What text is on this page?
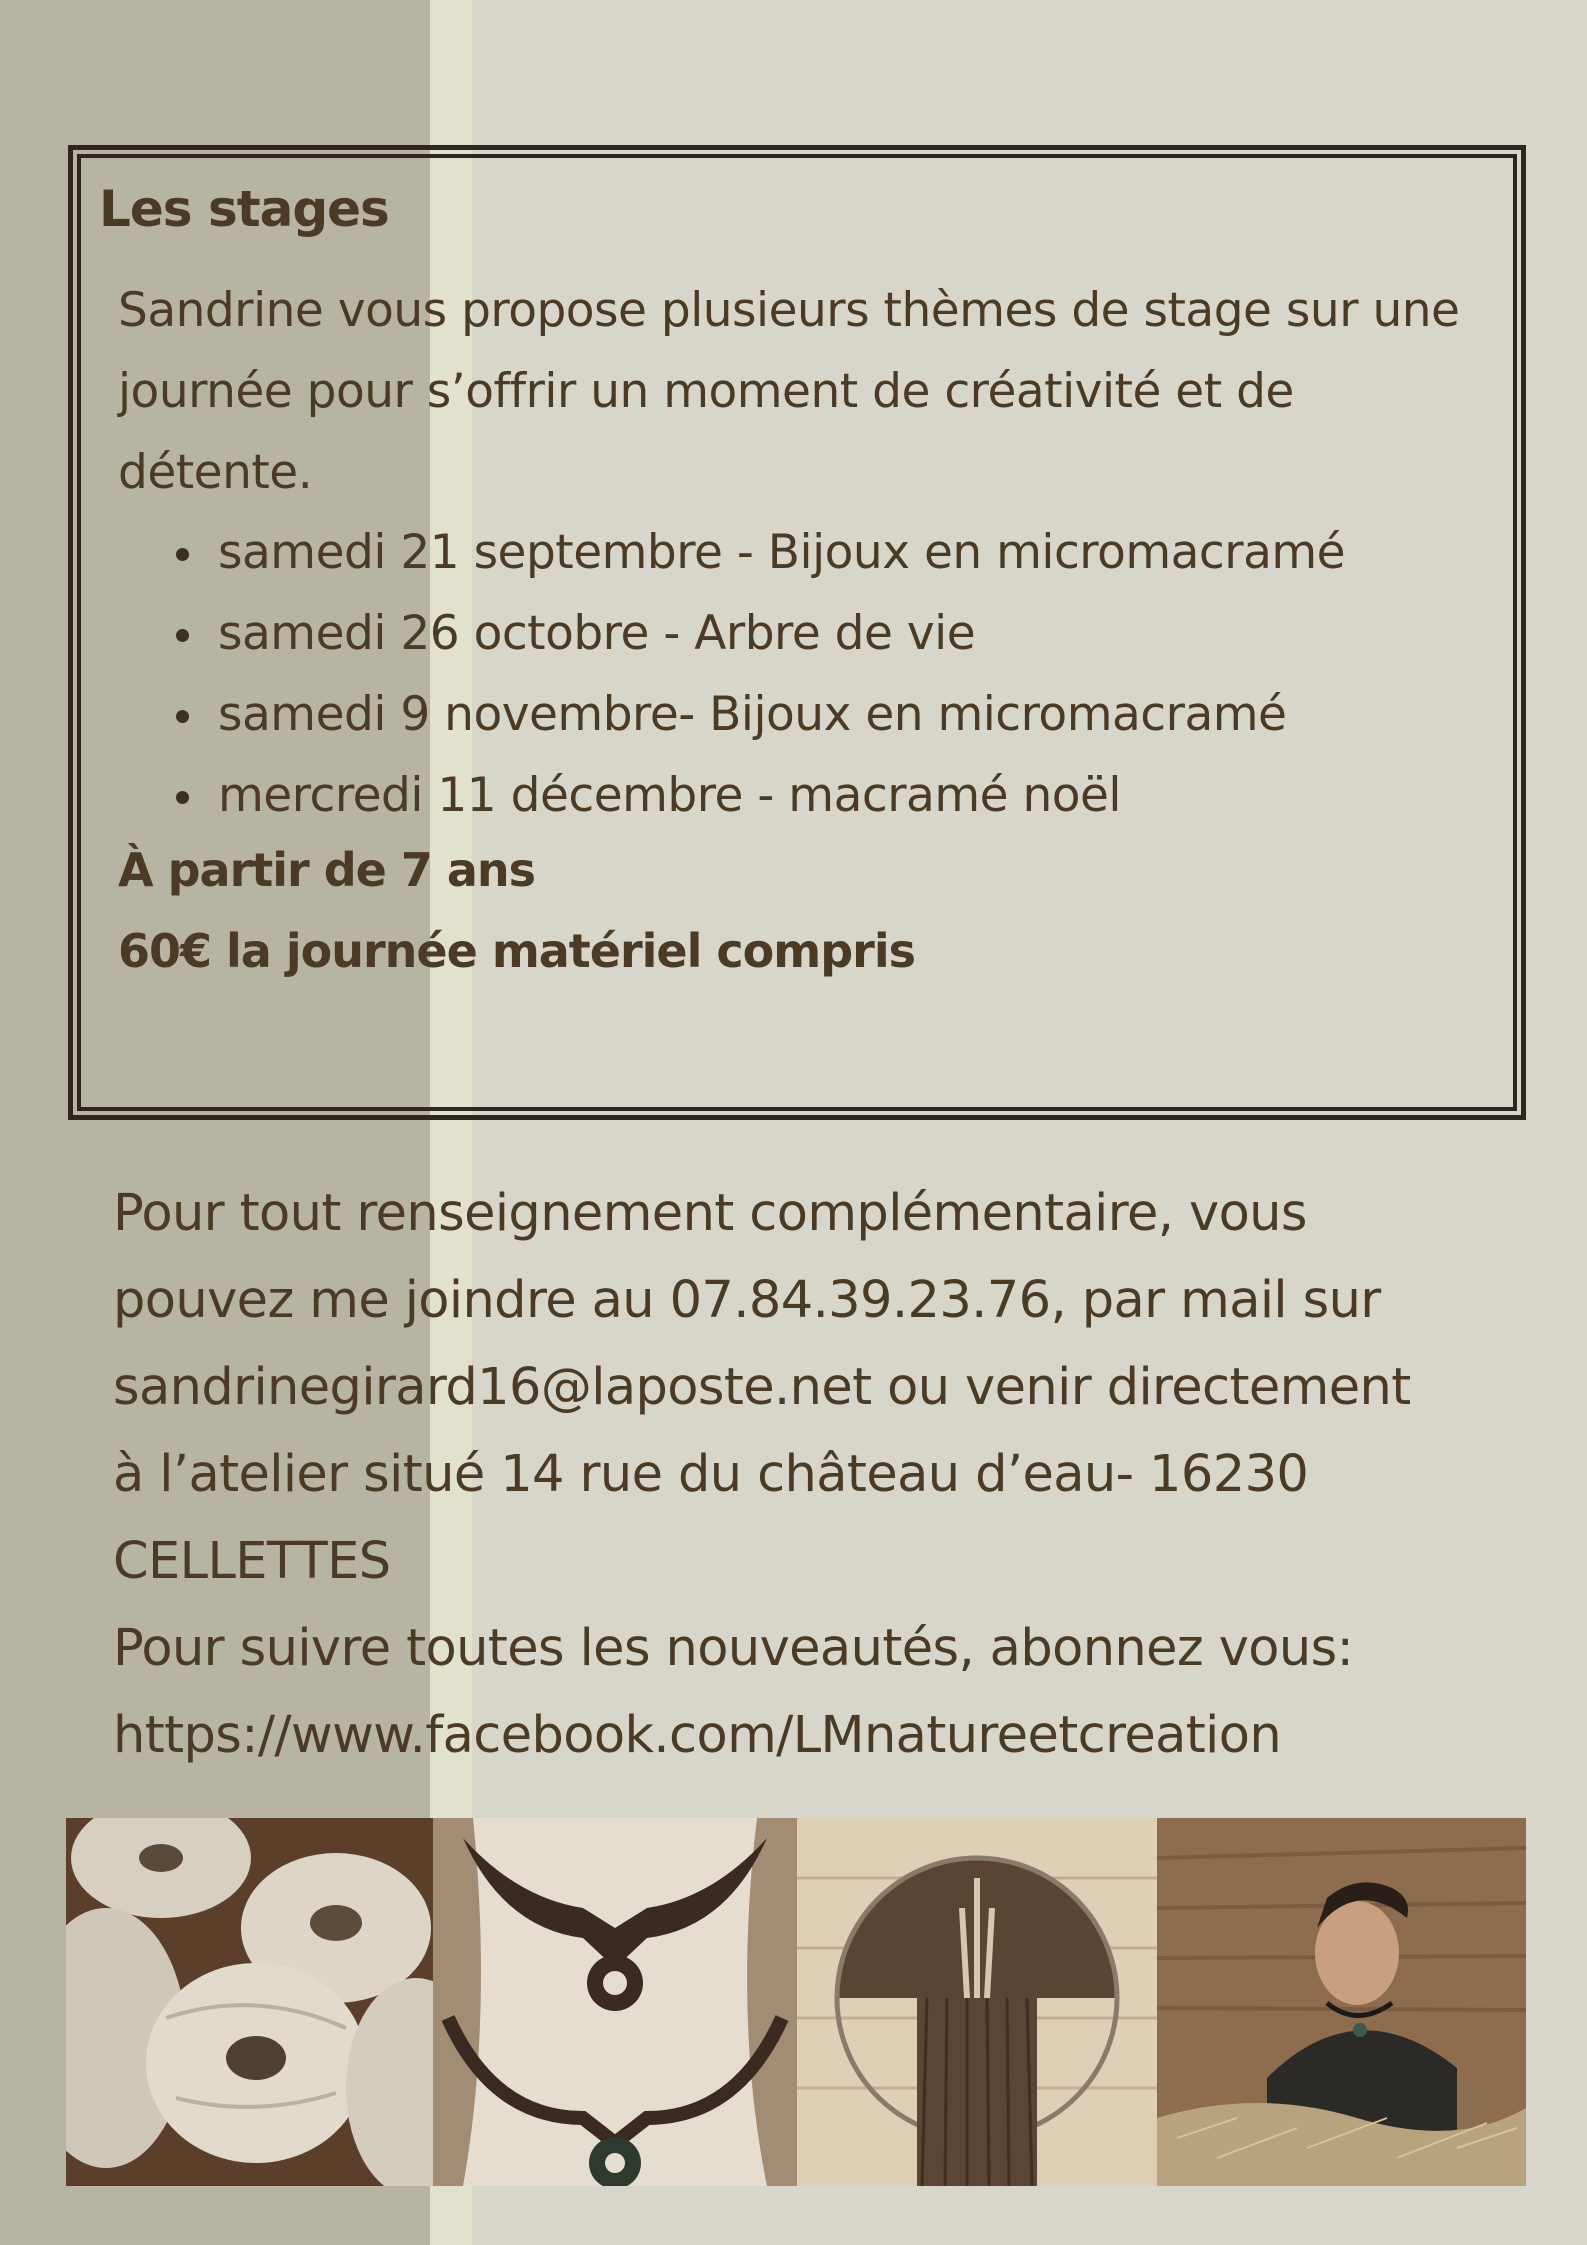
Les stages

Sandrine vous propose plusieurs thèmes de stage sur une journée pour s’offrir un moment de créativité et de détente.

samedi 21 septembre - Bijoux en micromacramé
samedi 26 octobre - Arbre de vie
samedi 9 novembre- Bijoux en micromacramé
mercredi 11 décembre - macramé noël

À partir de 7 ans

60€ la journée matériel compris

Pour tout renseignement complémentaire, vous
pouvez me joindre au 07.84.39.23.76, par mail sur
sandrinegirard16@laposte.net ou venir directement
à l’atelier situé 14 rue du château d’eau- 16230
CELLETTES
Pour suivre toutes les nouveautés, abonnez vous:
https://www.facebook.com/LMnatureetcreation
